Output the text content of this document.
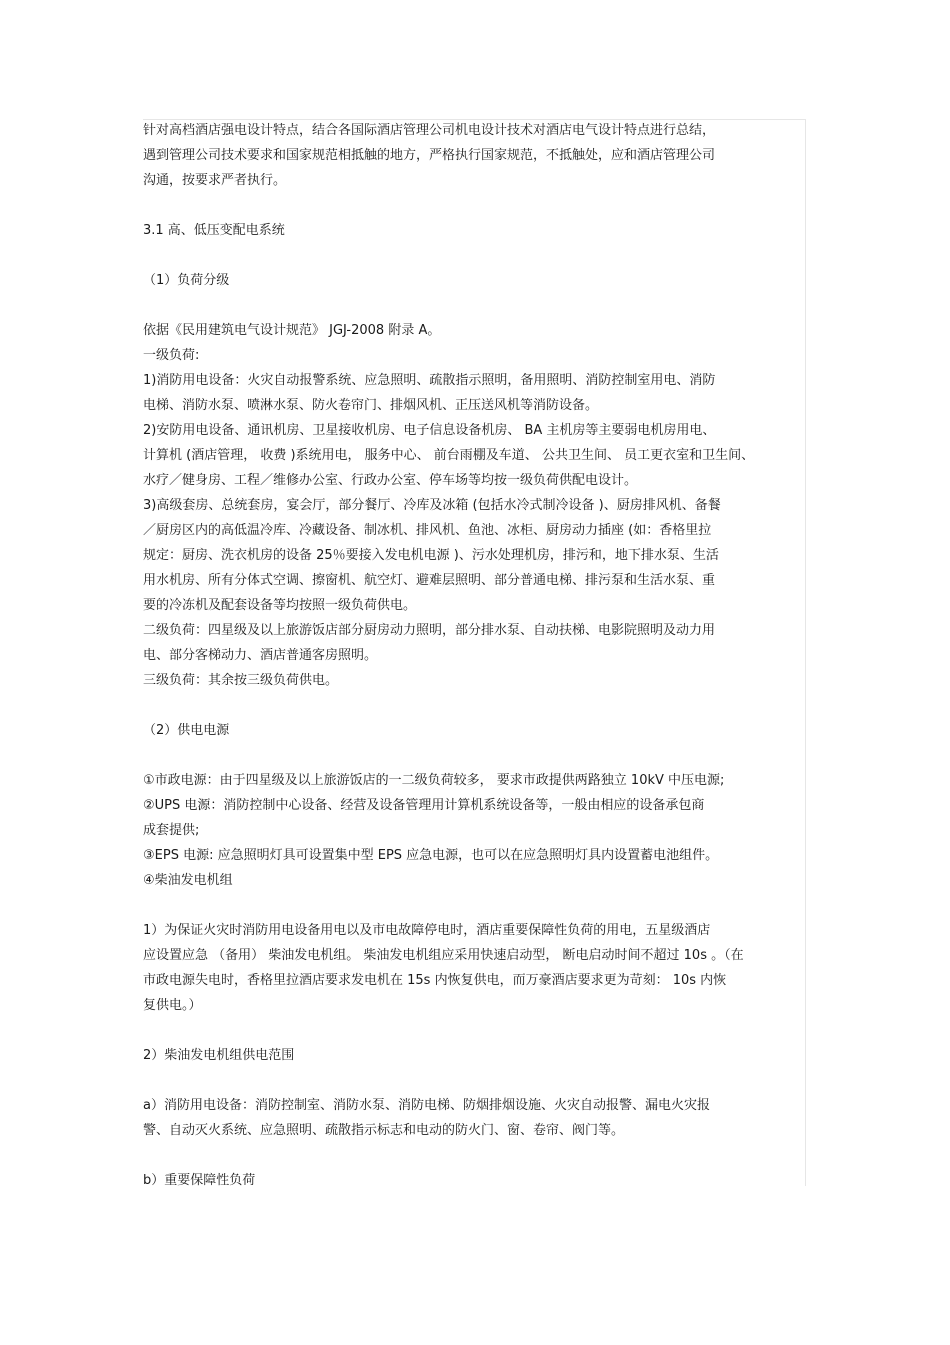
针对高档酒店强电设计特点，结合各国际酒店管理公司机电设计技术对酒店电气设计特点进行总结，
遇到管理公司技术要求和国家规范相抵触的地方，严格执行国家规范，不抵触处，应和酒店管理公司
沟通，按要求严者执行。
3.1 高、低压变配电系统
（1）负荷分级
依据《民用建筑电气设计规范》 JGJ-2008 附录 A。
一级负荷:
1)消防用电设备：火灾自动报警系统、应急照明、疏散指示照明，备用照明、消防控制室用电、消防
电梯、消防水泵、喷淋水泵、防火卷帘门、排烟风机、正压送风机等消防设备。
2)安防用电设备、通讯机房、卫星接收机房、电子信息设备机房、 BA 主机房等主要弱电机房用电、
计算机 (酒店管理， 收费 )系统用电， 服务中心、 前台雨棚及车道、 公共卫生间、 员工更衣室和卫生间、
水疗／健身房、工程／维修办公室、行政办公室、停车场等均按一级负荷供配电设计。
3)高级套房、总统套房，宴会厅，部分餐厅、冷库及冰箱 (包括水冷式制冷设备 )、厨房排风机、备餐
／厨房区内的高低温冷库、冷藏设备、制冰机、排风机、鱼池、冰柜、厨房动力插座 (如：香格里拉
规定：厨房、洗衣机房的设备 25％要接入发电机电源 )、污水处理机房，排污和，地下排水泵、生活
用水机房、所有分体式空调、擦窗机、航空灯、避难层照明、部分普通电梯、排污泵和生活水泵、重
要的冷冻机及配套设备等均按照一级负荷供电。
二级负荷：四星级及以上旅游饭店部分厨房动力照明，部分排水泵、自动扶梯、电影院照明及动力用
电、部分客梯动力、酒店普通客房照明。
三级负荷：其余按三级负荷供电。
（2）供电电源
①市政电源：由于四星级及以上旅游饭店的一二级负荷较多， 要求市政提供两路独立 10kV 中压电源;
②UPS 电源：消防控制中心设备、经营及设备管理用计算机系统设备等，一般由相应的设备承包商
成套提供;
③EPS 电源: 应急照明灯具可设置集中型 EPS 应急电源，也可以在应急照明灯具内设置蓄电池组件。
④柴油发电机组
1）为保证火灾时消防用电设备用电以及市电故障停电时，酒店重要保障性负荷的用电，五星级酒店
应设置应急 （备用） 柴油发电机组。 柴油发电机组应采用快速启动型， 断电启动时间不超过 10s 。（在
市政电源失电时，香格里拉酒店要求发电机在 15s 内恢复供电，而万豪酒店要求更为苛刻： 10s 内恢
复供电。）
2）柴油发电机组供电范围
a）消防用电设备：消防控制室、消防水泵、消防电梯、防烟排烟设施、火灾自动报警、漏电火灾报
警、自动灭火系统、应急照明、疏散指示标志和电动的防火门、窗、卷帘、阀门等。
b）重要保障性负荷
